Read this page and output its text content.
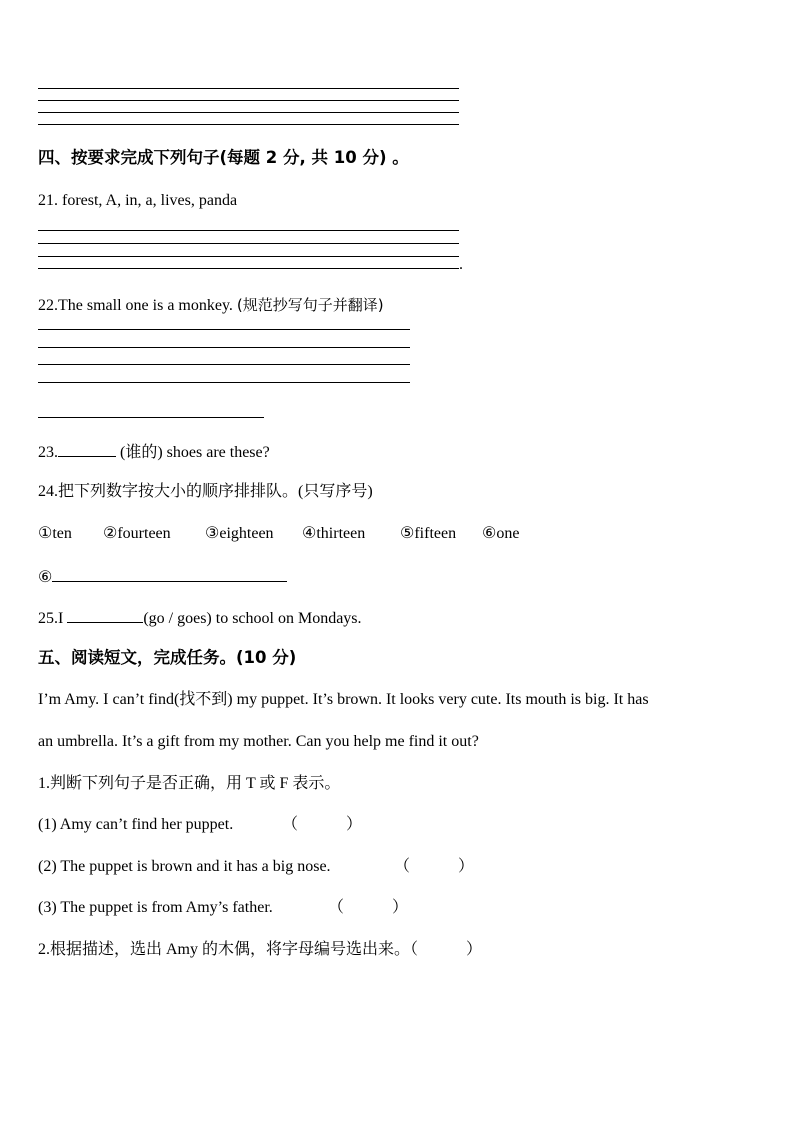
四、按要求完成下列句子(每题 2 分, 共 10 分) 。
21. forest, A, in, a, lives, panda
.
22.The small one is a monkey. (规范抄写句子并翻译)
23.	(谁的) shoes are these?
24.把下列数字按大小的顺序排排队。(只写序号)
①ten ②fourteen ③eighteen ④thirteen ⑤fifteen ⑥one
⑥
25.I	(go / goes) to school on Mondays.
五、阅读短文，完成任务。(10 分)
I’m Amy. I can’t find(找不到) my puppet. It’s brown. It looks very cute. Its mouth is big. It has
an umbrella. It’s a gift from my mother. Can you help me find it out?
1.判断下列句子是否正确，用 T 或 F 表示。
(1) Amy can’t find her puppet.	（　　　）
(2) The puppet is brown and it has a big nose.	（　　　）
(3) The puppet is from Amy’s father.	（　　　）
2.根据描述，选出 Amy 的木偶，将字母编号选出来。（　　　）
